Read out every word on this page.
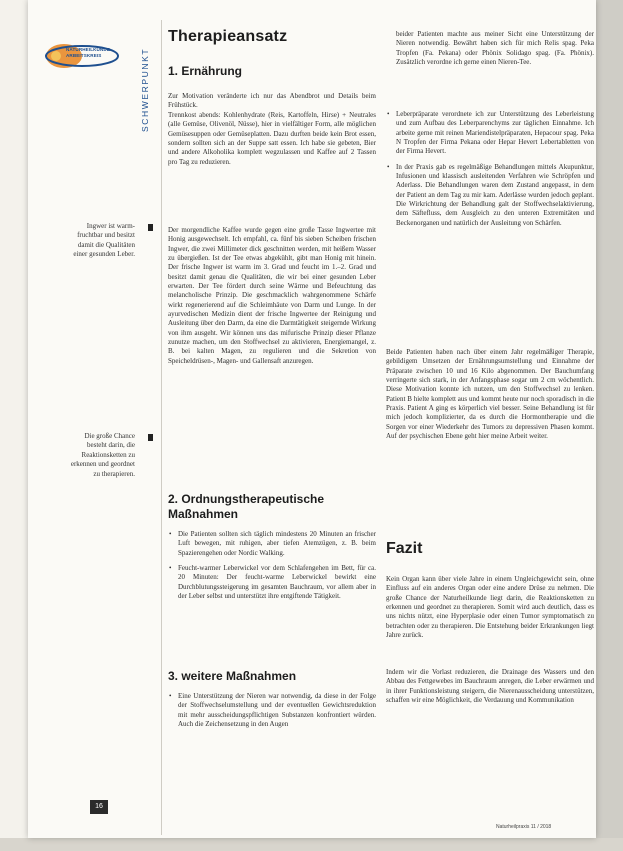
NATURHEILKUNDE-ARBEITSKREIS
Ingwer ist warm-fruchtbar und besitzt damit die Qualitäten einer gesunden Leber.
Die große Chance besteht darin, die Reaktionsketten zu erkennen und geordnet zu therapieren.
16
SCHWERPUNKT
Therapieansatz
1. Ernährung

Zur Motivation veränderte ich nur das Abendbrot und Details beim Frühstück.

Trennkost abends: Kohlenhydrate (Reis, Kartoffeln, Hirse) + Neutrales (alle Gemüse, Olivenöl, Nüsse), hier in vielfältiger Form, alle möglichen Gemüsesuppen oder Gemüseplatten. Dazu durften beide kein Brot essen, sondern sollten sich an der Suppe satt essen. Ich habe sie gebeten, Bier und andere Alkoholika komplett wegzulassen und Kaffee auf 2 Tassen pro Tag zu reduzieren.

Der morgendliche Kaffee wurde gegen eine große Tasse Ingwertee mit Honig ausgewechselt. Ich empfahl, ca. fünf bis sieben Scheiben frischen Ingwer, die zwei Millimeter dick geschnitten werden, mit heißem Wasser zu übergießen. Ist der Tee etwas abgekühlt, gibt man Honig mit hinein. Der frische Ingwer ist warm im 3. Grad und feucht im 1.–2. Grad und besitzt damit genau die Qualitäten, die wir bei einer gesunden Leber erwarten. Der Tee fördert durch seine Wärme und Befeuchtung das melancholische Prinzip. Die geschmacklich wahrgenommene Schärfe wirkt regenerierend auf die Schleimhäute von Darm und Lunge. In der ayurvedischen Medizin dient der frische Ingwertee der Reinigung und Ausleitung über den Darm, da eine die Darmtätigkeit steigernde Wirkung von ihm ausgeht. Wir können uns das mifurische Prinzip dieser Pflanze zunutze machen, um den Stoffwechsel zu aktivieren, Energiemangel, z. B. bei kalten Magen, zu regulieren und die Sekretion von Speicheldrüsen-, Magen- und Gallensaft anzuregen.

2. Ordnungstherapeutische Maßnahmen
• Die Patienten sollten sich täglich mindestens 20 Minuten an frischer Luft bewegen, mit ruhigen, aber tiefen Atemzügen, z. B. beim Spazierengehen oder Nordic Walking.
• Feucht-warmer Leberwickel vor dem Schlafengehen im Bett, für ca. 20 Minuten: Der feucht-warme Leberwickel bewirkt eine Durchblutungssteigerung im gesamten Bauchraum, vor allem aber in der Leber selbst und unterstützt ihre entgiftende Tätigkeit.
3. weitere Maßnahmen
• Eine Unterstützung der Nieren war notwendig, da diese in der Folge der Stoffwechselumstellung und der eventuellen Gewichtsreduktion mit mehr ausscheidungspflichtigen Substanzen konfrontiert würden. Auch die Zeichensetzung in den Augen

beider Patienten machte aus meiner Sicht eine Unterstützung der Nieren notwendig. Bewährt haben sich für mich Relis spag. Peka Tropfen (Fa. Pekana) oder Phönix Solidago spag. (Fa. Phönix). Zusätzlich verordne ich gerne einen Nieren-Tee.

• Leberpräparate verordnete ich zur Unterstützung des Leberleistung und zum Aufbau des Leberparenchyms zur täglichen Einnahme. Ich arbeite gerne mit reinen Mariendistelpräparaten, Hepacour spag. Peka N Tropfen der Firma Pekana oder Hepar Hevert Lebertabletten von der Firma Hevert.
• In der Praxis gab es regelmäßige Behandlungen mittels Akupunktur, Infusionen und klassisch ausleitenden Verfahren wie Schröpfen und Aderlass. Die Behandlungen waren dem Zustand angepasst, in dem der Patient an dem Tag zu mir kam. Aderlässe wurden jedoch geplant. Die Wirkrichtung der Behandlung galt der Stoffwechselaktivierung, dem Säftefluss, dem Ausgleich zu den unteren Extremitäten und Beckenorganen und natürlich der Ausleitung von Schärfen.

Beide Patienten haben nach über einem Jahr regelmäßiger Therapie, gebildigem Umsetzen der Ernährungsumstellung und Einnahme der Präparate zwischen 10 und 16 Kilo abgenommen. Der Bauchumfang verringerte sich stark, in der Anfangsphase sogar um 2 cm wöchentlich. Diese Motivation konnte ich nutzen, um den Stoffwechsel zu lenken. Patient B hielte komplett aus und kommt heute nur noch sporadisch in die Praxis. Patient A ging es körperlich viel besser. Seine Behandlung ist für mich jedoch komplizierter, da es durch die Hormontherapie und die Sorgen vor einer Wiederkehr des Tumors zu depressiven Phasen kommt. Auf der psychischen Ebene geht hier meine Arbeit weiter.

Fazit

Kein Organ kann über viele Jahre in einem Ungleichgewicht sein, ohne Einfluss auf ein anderes Organ oder eine andere Drüse zu nehmen. Die große Chance der Naturheilkunde liegt darin, die Reaktionsketten zu erkennen und geordnet zu therapieren. Somit wird auch deutlich, dass es uns nichts nützt, eine Hyperplasie oder einen Tumor symptomatisch zu betrachten oder zu therapieren. Die Entstehung beider Erkrankungen liegt Jahre zurück.

Indem wir die Vorlast reduzieren, die Drainage des Wassers und den Abbau des Fettgewebes im Bauchraum anregen, die Leber erwärmen und in ihrer Funktionsleistung steigern, die Nierenausscheidung unterstützen, schaffen wir eine Möglichkeit, die Verdauung und Kommunikation

Naturheilpraxis 11 / 2018
